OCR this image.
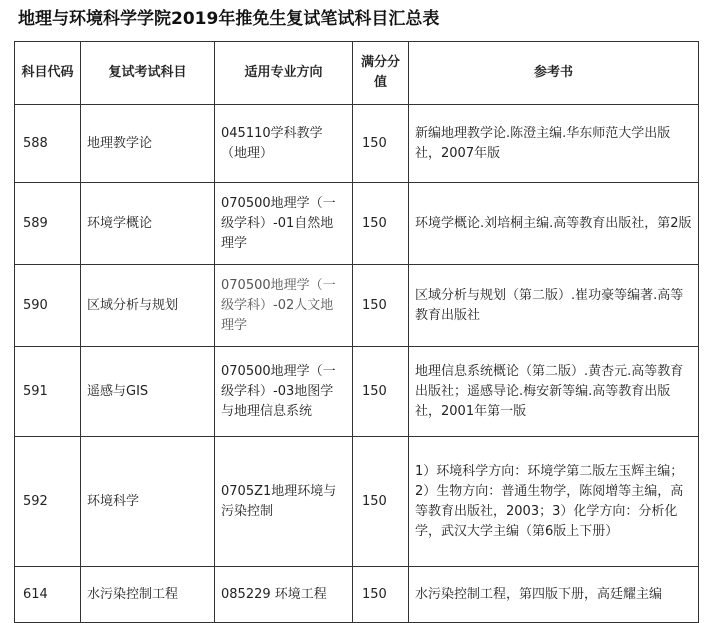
地理与环境科学学院2019年推免生复试笔试科目汇总表
科目代码	复试考试科目	适用专业方向	满分分值	参考书
588	地理教学论	045110学科教学（地理）	150	新编地理教学论.陈澄主编.华东师范大学出版社，2007年版
589	环境学概论	070500地理学（一级学科）-01自然地理学	150	环境学概论.刘培桐主编.高等教育出版社，第2版
590	区域分析与规划	070500地理学（一级学科）-02人文地理学	150	区域分析与规划（第二版）.崔功豪等编著.高等教育出版社
591	遥感与GIS	070500地理学（一级学科）-03地图学与地理信息系统	150	地理信息系统概论（第二版）.黄杏元.高等教育出版社；遥感导论.梅安新等编.高等教育出版社，2001年第一版
592	环境科学	0705Z1地理环境与污染控制	150	1）环境科学方向：环境学第二版左玉辉主编；2）生物方向：普通生物学，陈阅增等主编，高等教育出版社，2003；3）化学方向：分析化学，武汉大学主编（第6版上下册）
614	水污染控制工程	085229 环境工程	150	水污染控制工程，第四版下册，高廷耀主编
